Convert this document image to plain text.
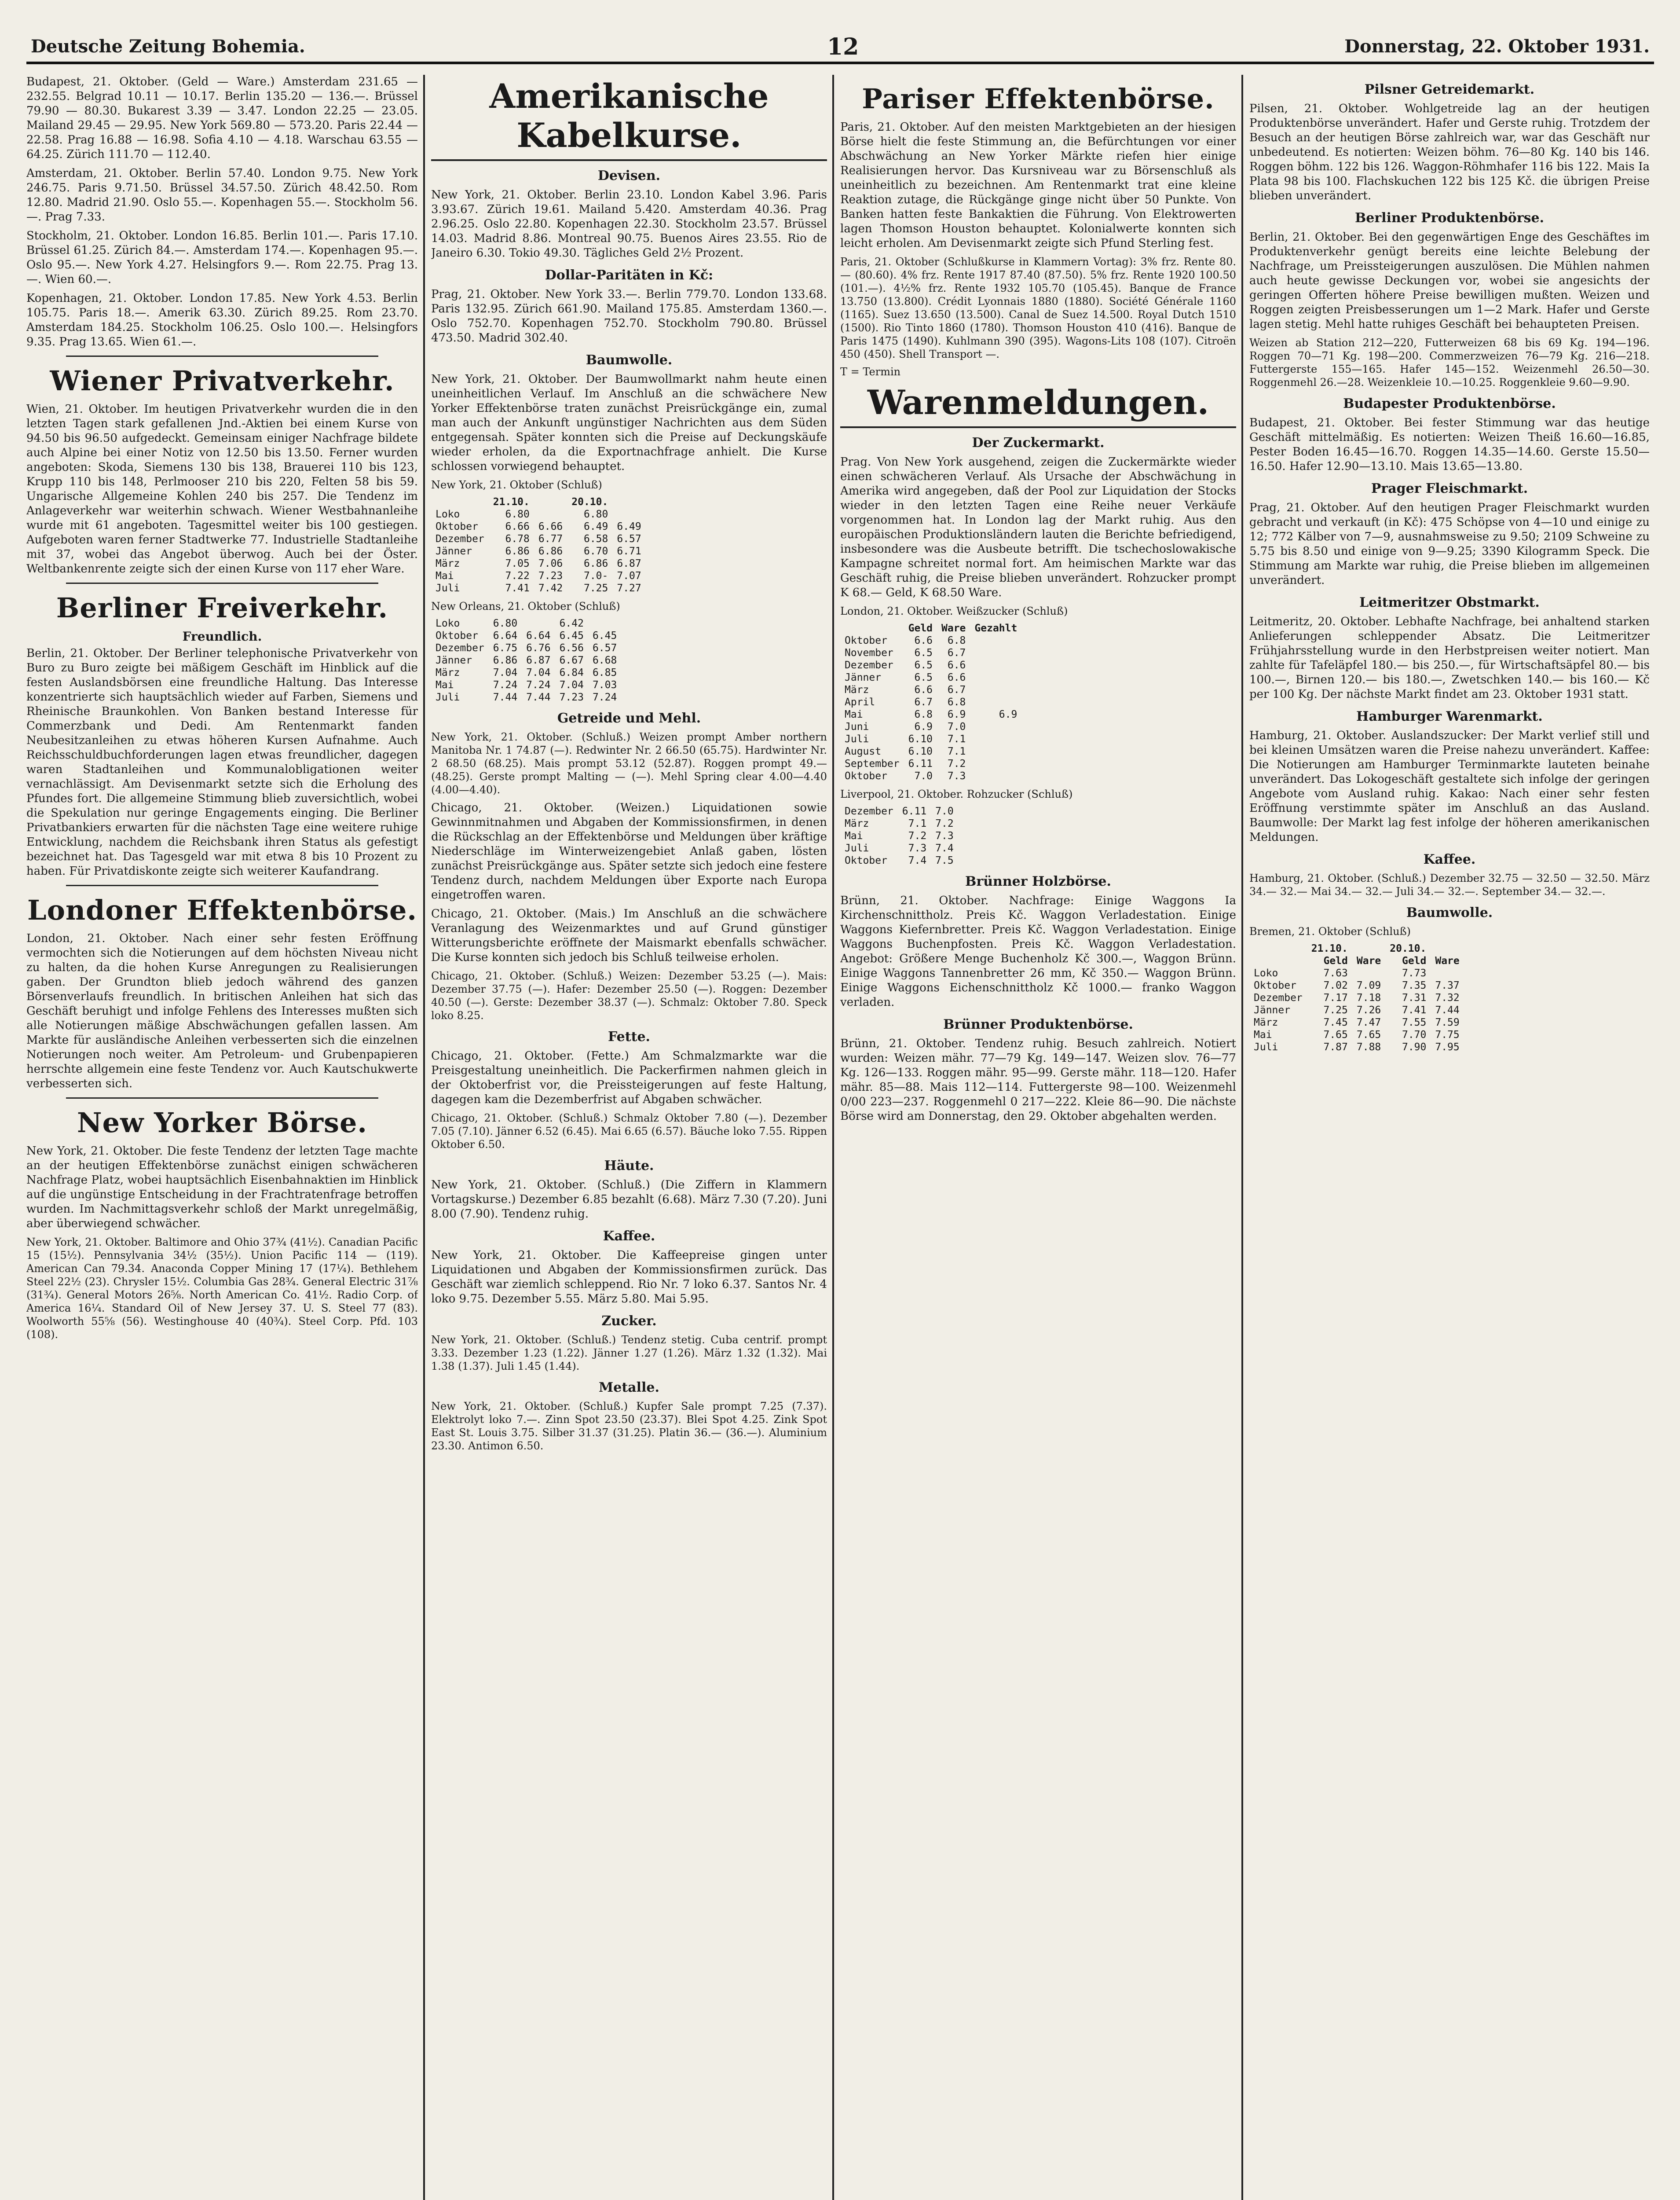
Deutsche Zeitung Bohemia.	12	Donnerstag, 22. Oktober 1931.

Budapest, 21. Oktober. (Geld — Ware.) Amsterdam 231.65 — 232.55. Belgrad 10.11 — 10.17. Berlin 135.20 — 136.—. Brüssel 79.90 — 80.30. Bukarest 3.39 — 3.47. London 22.25 — 23.05. Mailand 29.45 — 29.95. New York 569.80 — 573.20. Paris 22.44 — 22.58. Prag 16.88 — 16.98. Sofia 4.10 — 4.18. Warschau 63.55 — 64.25. Zürich 111.70 — 112.40.

Amsterdam, 21. Oktober. Berlin 57.40. London 9.75. New York 246.75. Paris 9.71.50. Brüssel 34.57.50. Zürich 48.42.50. Rom 12.80. Madrid 21.90. Oslo 55.—. Kopenhagen 55.—. Stockholm 56.—. Prag 7.33.

Stockholm, 21. Oktober. London 16.85. Berlin 101.—. Paris 17.10. Brüssel 61.25. Zürich 84.—. Amsterdam 174.—. Kopenhagen 95.—. Oslo 95.—. New York 4.27. Helsingfors 9.—. Rom 22.75. Prag 13.—. Wien 60.—.

Kopenhagen, 21. Oktober. London 17.85. New York 4.53. Berlin 105.75. Paris 18.—. Amerik 63.30. Zürich 89.25. Rom 23.70. Amsterdam 184.25. Stockholm 106.25. Oslo 100.—. Helsingfors 9.35. Prag 13.65. Wien 61.—.

Wiener Privatverkehr.

Wien, 21. Oktober. Im heutigen Privatverkehr wurden die in den letzten Tagen stark gefallenen Jnd.-Aktien bei einem Kurse von 94.50 bis 96.50 aufgedeckt. Gemeinsam einiger Nachfrage bildete auch Alpine bei einer Notiz von 12.50 bis 13.50. Ferner wurden angeboten: Skoda, Siemens 130 bis 138, Brauerei 110 bis 123, Krupp 110 bis 148, Perlmooser 210 bis 220, Felten 58 bis 59. Ungarische Allgemeine Kohlen 240 bis 257. Die Tendenz im Anlageverkehr war weiterhin schwach. Wiener Westbahnanleihe wurde mit 61 angeboten. Tagesmittel weiter bis 100 gestiegen. Aufgeboten waren ferner Stadtwerke 77. Industrielle Stadtanleihe mit 37, wobei das Angebot überwog. Auch bei der Öster. Weltbankenrente zeigte sich der einen Kurse von 117 eher Ware.

Berliner Freiverkehr.
Freundlich.

Berlin, 21. Oktober. Der Berliner telephonische Privatverkehr von Buro zu Buro zeigte bei mäßigem Geschäft im Hinblick auf die festen Auslandsbörsen eine freundliche Haltung. Das Interesse konzentrierte sich hauptsächlich wieder auf Farben, Siemens und Rheinische Braunkohlen. Von Banken bestand Interesse für Commerzbank und Dedi. Am Rentenmarkt fanden Neubesitzanleihen zu etwas höheren Kursen Aufnahme. Auch Reichsschuldbuchforderungen lagen etwas freundlicher, dagegen waren Stadtanleihen und Kommunalobligationen weiter vernachlässigt. Am Devisenmarkt setzte sich die Erholung des Pfundes fort. Die allgemeine Stimmung blieb zuversichtlich, wobei die Spekulation nur geringe Engagements einging. Die Berliner Privatbankiers erwarten für die nächsten Tage eine weitere ruhige Entwicklung, nachdem die Reichsbank ihren Status als gefestigt bezeichnet hat. Das Tagesgeld war mit etwa 8 bis 10 Prozent zu haben. Für Privatdiskonte zeigte sich weiterer Kaufandrang.

Londoner Effektenbörse.

London, 21. Oktober. Nach einer sehr festen Eröffnung vermochten sich die Notierungen auf dem höchsten Niveau nicht zu halten, da die hohen Kurse Anregungen zu Realisierungen gaben. Der Grundton blieb jedoch während des ganzen Börsenverlaufs freundlich. In britischen Anleihen hat sich das Geschäft beruhigt und infolge Fehlens des Interesses mußten sich alle Notierungen mäßige Abschwächungen gefallen lassen. Am Markte für ausländische Anleihen verbesserten sich die einzelnen Notierungen noch weiter. Am Petroleum- und Grubenpapieren herrschte allgemein eine feste Tendenz vor. Auch Kautschukwerte verbesserten sich.

New Yorker Börse.

New York, 21. Oktober. Die feste Tendenz der letzten Tage machte an der heutigen Effektenbörse zunächst einigen schwächeren Nachfrage Platz, wobei hauptsächlich Eisenbahnaktien im Hinblick auf die ungünstige Entscheidung in der Frachtratenfrage betroffen wurden. Im Nachmittagsverkehr schloß der Markt unregelmäßig, aber überwiegend schwächer.

New York, 21. Oktober. Baltimore and Ohio 37¾ (41½). Canadian Pacific 15 (15½). Pennsylvania 34½ (35½). Union Pacific 114 — (119). American Can 79.34. Anaconda Copper Mining 17 (17¼). Bethlehem Steel 22½ (23). Chrysler 15½. Columbia Gas 28¾. General Electric 31⅞ (31¾). General Motors 26⅝. North American Co. 41½. Radio Corp. of America 16¼. Standard Oil of New Jersey 37. U. S. Steel 77 (83). Woolworth 55⅝ (56). Westinghouse 40 (40¾). Steel Corp. Pfd. 103 (108).

Amerikanische Kabelkurse.
Devisen.

New York, 21. Oktober. Berlin 23.10. London Kabel 3.96. Paris 3.93.67. Zürich 19.61. Mailand 5.420. Amsterdam 40.36. Prag 2.96.25. Oslo 22.80. Kopenhagen 22.30. Stockholm 23.57. Brüssel 14.03. Madrid 8.86. Montreal 90.75. Buenos Aires 23.55. Rio de Janeiro 6.30. Tokio 49.30. Tägliches Geld 2½ Prozent.

Dollar-Paritäten in Kč:

Prag, 21. Oktober. New York 33.—. Berlin 779.70. London 133.68. Paris 132.95. Zürich 661.90. Mailand 175.85. Amsterdam 1360.—. Oslo 752.70. Kopenhagen 752.70. Stockholm 790.80. Brüssel 473.50. Madrid 302.40.

Baumwolle.

New York, 21. Oktober. Der Baumwollmarkt nahm heute einen uneinheitlichen Verlauf. Im Anschluß an die schwächere New Yorker Effektenbörse traten zunächst Preisrückgänge ein, zumal man auch der Ankunft ungünstiger Nachrichten aus dem Süden entgegensah. Später konnten sich die Preise auf Deckungskäufe wieder erholen, da die Exportnachfrage anhielt. Die Kurse schlossen vorwiegend behauptet.

New York, 21. Oktober (Schluß)

	21.10.		20.10.	
Loko	6.80		6.80	
Oktober	6.66	6.66	6.49	6.49
Dezember	6.78	6.77	6.58	6.57
Jänner	6.86	6.86	6.70	6.71
März	7.05	7.06	6.86	6.87
Mai	7.22	7.23	7.0-	7.07
Juli	7.41	7.42	7.25	7.27

New Orleans, 21. Oktober (Schluß)

Loko	6.80		6.42	
Oktober	6.64	6.64	6.45	6.45
Dezember	6.75	6.76	6.56	6.57
Jänner	6.86	6.87	6.67	6.68
März	7.04	7.04	6.84	6.85
Mai	7.24	7.24	7.04	7.03
Juli	7.44	7.44	7.23	7.24
Getreide und Mehl.

New York, 21. Oktober. (Schluß.) Weizen prompt Amber northern Manitoba Nr. 1 74.87 (—). Redwinter Nr. 2 66.50 (65.75). Hardwinter Nr. 2 68.50 (68.25). Mais prompt 53.12 (52.87). Roggen prompt 49.— (48.25). Gerste prompt Malting — (—). Mehl Spring clear 4.00—4.40 (4.00—4.40).

Chicago, 21. Oktober. (Weizen.) Liquidationen sowie Gewinnmitnahmen und Abgaben der Kommissionsfirmen, in denen die Rückschlag an der Effektenbörse und Meldungen über kräftige Niederschläge im Winterweizengebiet Anlaß gaben, lösten zunächst Preisrückgänge aus. Später setzte sich jedoch eine festere Tendenz durch, nachdem Meldungen über Exporte nach Europa eingetroffen waren.

Chicago, 21. Oktober. (Mais.) Im Anschluß an die schwächere Veranlagung des Weizenmarktes und auf Grund günstiger Witterungsberichte eröffnete der Maismarkt ebenfalls schwächer. Die Kurse konnten sich jedoch bis Schluß teilweise erholen.

Chicago, 21. Oktober. (Schluß.) Weizen: Dezember 53.25 (—). Mais: Dezember 37.75 (—). Hafer: Dezember 25.50 (—). Roggen: Dezember 40.50 (—). Gerste: Dezember 38.37 (—). Schmalz: Oktober 7.80. Speck loko 8.25.

Fette.

Chicago, 21. Oktober. (Fette.) Am Schmalzmarkte war die Preisgestaltung uneinheitlich. Die Packerfirmen nahmen gleich in der Oktoberfrist vor, die Preissteigerungen auf feste Haltung, dagegen kam die Dezemberfrist auf Abgaben schwächer.

Chicago, 21. Oktober. (Schluß.) Schmalz Oktober 7.80 (—). Dezember 7.05 (7.10). Jänner 6.52 (6.45). Mai 6.65 (6.57). Bäuche loko 7.55. Rippen Oktober 6.50.

Häute.

New York, 21. Oktober. (Schluß.) (Die Ziffern in Klammern Vortagskurse.) Dezember 6.85 bezahlt (6.68). März 7.30 (7.20). Juni 8.00 (7.90). Tendenz ruhig.

Kaffee.

New York, 21. Oktober. Die Kaffeepreise gingen unter Liquidationen und Abgaben der Kommissionsfirmen zurück. Das Geschäft war ziemlich schleppend. Rio Nr. 7 loko 6.37. Santos Nr. 4 loko 9.75. Dezember 5.55. März 5.80. Mai 5.95.

Zucker.

New York, 21. Oktober. (Schluß.) Tendenz stetig. Cuba centrif. prompt 3.33. Dezember 1.23 (1.22). Jänner 1.27 (1.26). März 1.32 (1.32). Mai 1.38 (1.37). Juli 1.45 (1.44).

Metalle.

New York, 21. Oktober. (Schluß.) Kupfer Sale prompt 7.25 (7.37). Elektrolyt loko 7.—. Zinn Spot 23.50 (23.37). Blei Spot 4.25. Zink Spot East St. Louis 3.75. Silber 31.37 (31.25). Platin 36.— (36.—). Aluminium 23.30. Antimon 6.50.

Pariser Effektenbörse.

Paris, 21. Oktober. Auf den meisten Marktgebieten an der hiesigen Börse hielt die feste Stimmung an, die Befürchtungen vor einer Abschwächung an New Yorker Märkte riefen hier einige Realisierungen hervor. Das Kursniveau war zu Börsenschluß als uneinheitlich zu bezeichnen. Am Rentenmarkt trat eine kleine Reaktion zutage, die Rückgänge ginge nicht über 50 Punkte. Von Banken hatten feste Bankaktien die Führung. Von Elektrowerten lagen Thomson Houston behauptet. Kolonialwerte konnten sich leicht erholen. Am Devisenmarkt zeigte sich Pfund Sterling fest.

Paris, 21. Oktober (Schlußkurse in Klammern Vortag): 3% frz. Rente 80.— (80.60). 4% frz. Rente 1917 87.40 (87.50). 5% frz. Rente 1920 100.50 (101.—). 4½% frz. Rente 1932 105.70 (105.45). Banque de France 13.750 (13.800). Crédit Lyonnais 1880 (1880). Société Générale 1160 (1165). Suez 13.650 (13.500). Canal de Suez 14.500. Royal Dutch 1510 (1500). Rio Tinto 1860 (1780). Thomson Houston 410 (416). Banque de Paris 1475 (1490). Kuhlmann 390 (395). Wagons-Lits 108 (107). Citroën 450 (450). Shell Transport —.

T = Termin

Warenmeldungen.
Der Zuckermarkt.

Prag. Von New York ausgehend, zeigen die Zuckermärkte wieder einen schwächeren Verlauf. Als Ursache der Abschwächung in Amerika wird angegeben, daß der Pool zur Liquidation der Stocks wieder in den letzten Tagen eine Reihe neuer Verkäufe vorgenommen hat. In London lag der Markt ruhig. Aus den europäischen Produktionsländern lauten die Berichte befriedigend, insbesondere was die Ausbeute betrifft. Die tschechoslowakische Kampagne schreitet normal fort. Am heimischen Markte war das Geschäft ruhig, die Preise blieben unverändert. Rohzucker prompt K 68.— Geld, K 68.50 Ware.

London, 21. Oktober. Weißzucker (Schluß)

	Geld	Ware	Gezahlt
Oktober	6.6	6.8	
November	6.5	6.7	
Dezember	6.5	6.6	
Jänner	6.5	6.6	
März	6.6	6.7	
April	6.7	6.8	
Mai	6.8	6.9	6.9
Juni	6.9	7.0	
Juli	6.10	7.1	
August	6.10	7.1	
September	6.11	7.2	
Oktober	7.0	7.3	

Liverpool, 21. Oktober. Rohzucker (Schluß)

Dezember	6.11	7.0	
März	7.1	7.2	
Mai	7.2	7.3	
Juli	7.3	7.4	
Oktober	7.4	7.5	
Brünner Holzbörse.

Brünn, 21. Oktober. Nachfrage: Einige Waggons Ia Kirchenschnittholz. Preis Kč. Waggon Verladestation. Einige Waggons Kiefernbretter. Preis Kč. Waggon Verladestation. Einige Waggons Buchenpfosten. Preis Kč. Waggon Verladestation. Angebot: Größere Menge Buchenholz Kč 300.—, Waggon Brünn. Einige Waggons Tannenbretter 26 mm, Kč 350.— Waggon Brünn. Einige Waggons Eichenschnittholz Kč 1000.— franko Waggon verladen.

Brünner Produktenbörse.

Brünn, 21. Oktober. Tendenz ruhig. Besuch zahlreich. Notiert wurden: Weizen mähr. 77—79 Kg. 149—147. Weizen slov. 76—77 Kg. 126—133. Roggen mähr. 95—99. Gerste mähr. 118—120. Hafer mähr. 85—88. Mais 112—114. Futtergerste 98—100. Weizenmehl 0/00 223—237. Roggenmehl 0 217—222. Kleie 86—90. Die nächste Börse wird am Donnerstag, den 29. Oktober abgehalten werden.

Pilsner Getreidemarkt.

Pilsen, 21. Oktober. Wohlgetreide lag an der heutigen Produktenbörse unverändert. Hafer und Gerste ruhig. Trotzdem der Besuch an der heutigen Börse zahlreich war, war das Geschäft nur unbedeutend. Es notierten: Weizen böhm. 76—80 Kg. 140 bis 146. Roggen böhm. 122 bis 126. Waggon-Röhmhafer 116 bis 122. Mais Ia Plata 98 bis 100. Flachskuchen 122 bis 125 Kč. die übrigen Preise blieben unverändert.

Berliner Produktenbörse.

Berlin, 21. Oktober. Bei den gegenwärtigen Enge des Geschäftes im Produktenverkehr genügt bereits eine leichte Belebung der Nachfrage, um Preissteigerungen auszulösen. Die Mühlen nahmen auch heute gewisse Deckungen vor, wobei sie angesichts der geringen Offerten höhere Preise bewilligen mußten. Weizen und Roggen zeigten Preisbesserungen um 1—2 Mark. Hafer und Gerste lagen stetig. Mehl hatte ruhiges Geschäft bei behaupteten Preisen.

Weizen ab Station 212—220, Futterweizen 68 bis 69 Kg. 194—196. Roggen 70—71 Kg. 198—200. Commerzweizen 76—79 Kg. 216—218. Futtergerste 155—165. Hafer 145—152. Weizenmehl 26.50—30. Roggenmehl 26.—28. Weizenkleie 10.—10.25. Roggenkleie 9.60—9.90.

Budapester Produktenbörse.

Budapest, 21. Oktober. Bei fester Stimmung war das heutige Geschäft mittelmäßig. Es notierten: Weizen Theiß 16.60—16.85, Pester Boden 16.45—16.70. Roggen 14.35—14.60. Gerste 15.50—16.50. Hafer 12.90—13.10. Mais 13.65—13.80.

Prager Fleischmarkt.

Prag, 21. Oktober. Auf den heutigen Prager Fleischmarkt wurden gebracht und verkauft (in Kč): 475 Schöpse von 4—10 und einige zu 12; 772 Kälber von 7—9, ausnahmsweise zu 9.50; 2109 Schweine zu 5.75 bis 8.50 und einige von 9—9.25; 3390 Kilogramm Speck. Die Stimmung am Markte war ruhig, die Preise blieben im allgemeinen unverändert.

Leitmeritzer Obstmarkt.

Leitmeritz, 20. Oktober. Lebhafte Nachfrage, bei anhaltend starken Anlieferungen schleppender Absatz. Die Leitmeritzer Frühjahrsstellung wurde in den Herbstpreisen weiter notiert. Man zahlte für Tafeläpfel 180.— bis 250.—, für Wirtschaftsäpfel 80.— bis 100.—, Birnen 120.— bis 180.—, Zwetschken 140.— bis 160.— Kč per 100 Kg. Der nächste Markt findet am 23. Oktober 1931 statt.

Hamburger Warenmarkt.

Hamburg, 21. Oktober. Auslandszucker: Der Markt verlief still und bei kleinen Umsätzen waren die Preise nahezu unverändert. Kaffee: Die Notierungen am Hamburger Terminmarkte lauteten beinahe unverändert. Das Lokogeschäft gestaltete sich infolge der geringen Angebote vom Ausland ruhig. Kakao: Nach einer sehr festen Eröffnung verstimmte später im Anschluß an das Ausland. Baumwolle: Der Markt lag fest infolge der höheren amerikanischen Meldungen.

Kaffee.

Hamburg, 21. Oktober. (Schluß.) Dezember 32.75 — 32.50 — 32.50. März 34.— 32.— Mai 34.— 32.— Juli 34.— 32.—. September 34.— 32.—.

Baumwolle.

Bremen, 21. Oktober (Schluß)

	21.10.		20.10.	
	Geld	Ware	Geld	Ware
Loko	7.63		7.73	
Oktober	7.02	7.09	7.35	7.37
Dezember	7.17	7.18	7.31	7.32
Jänner	7.25	7.26	7.41	7.44
März	7.45	7.47	7.55	7.59
Mai	7.65	7.65	7.70	7.75
Juli	7.87	7.88	7.90	7.95
